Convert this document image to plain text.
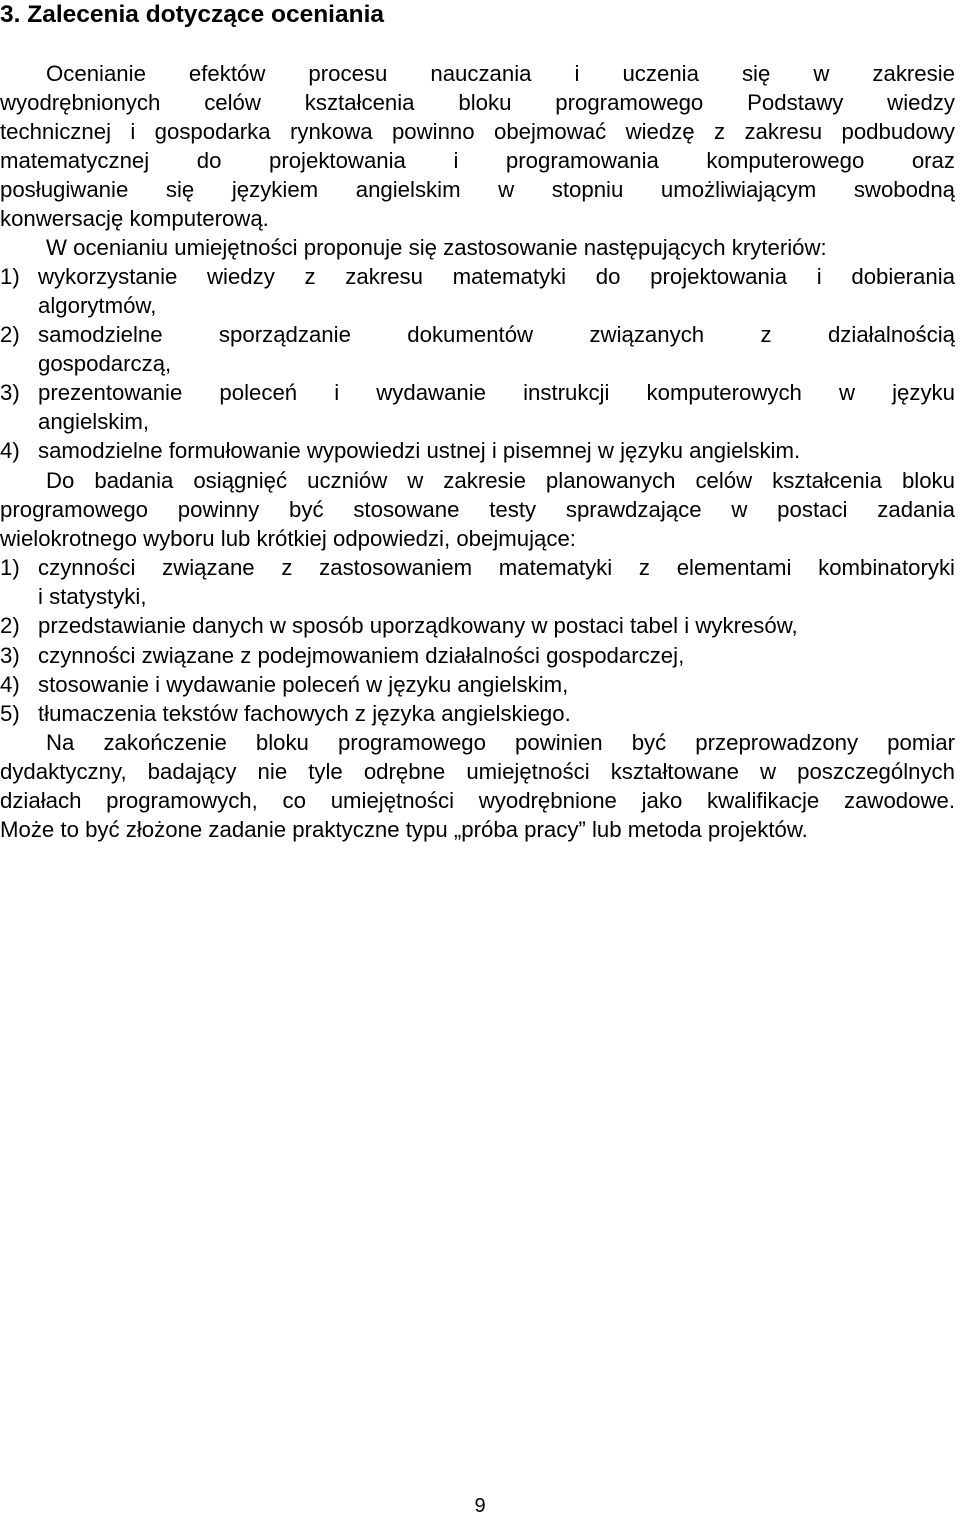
3. Zalecenia dotyczące oceniania
Ocenianie efektów procesu nauczania i uczenia się w zakresie
wyodrębnionych celów kształcenia bloku programowego Podstawy wiedzy
technicznej i gospodarka rynkowa powinno obejmować wiedzę z zakresu podbudowy
matematycznej do projektowania i programowania komputerowego oraz
posługiwanie się językiem angielskim w stopniu umożliwiającym swobodną
konwersację komputerową.
W ocenianiu umiejętności proponuje się zastosowanie następujących kryteriów:
1) wykorzystanie wiedzy z zakresu matematyki do projektowania i dobierania
algorytmów,
2) samodzielne sporządzanie dokumentów związanych z działalnością
gospodarczą,
3) prezentowanie poleceń i wydawanie instrukcji komputerowych w języku
angielskim,
4) samodzielne formułowanie wypowiedzi ustnej i pisemnej w języku angielskim.
Do badania osiągnięć uczniów w zakresie planowanych celów kształcenia bloku
programowego powinny być stosowane testy sprawdzające w postaci zadania
wielokrotnego wyboru lub krótkiej odpowiedzi, obejmujące:
1) czynności związane z zastosowaniem matematyki z elementami kombinatoryki
i statystyki,
2) przedstawianie danych w sposób uporządkowany w postaci tabel i wykresów,
3) czynności związane z podejmowaniem działalności gospodarczej,
4) stosowanie i wydawanie poleceń w języku angielskim,
5) tłumaczenia tekstów fachowych z języka angielskiego.
Na zakończenie bloku programowego powinien być przeprowadzony pomiar
dydaktyczny, badający nie tyle odrębne umiejętności kształtowane w poszczególnych
działach programowych, co umiejętności wyodrębnione jako kwalifikacje zawodowe.
Może to być złożone zadanie praktyczne typu „próba pracy” lub metoda projektów.
9
